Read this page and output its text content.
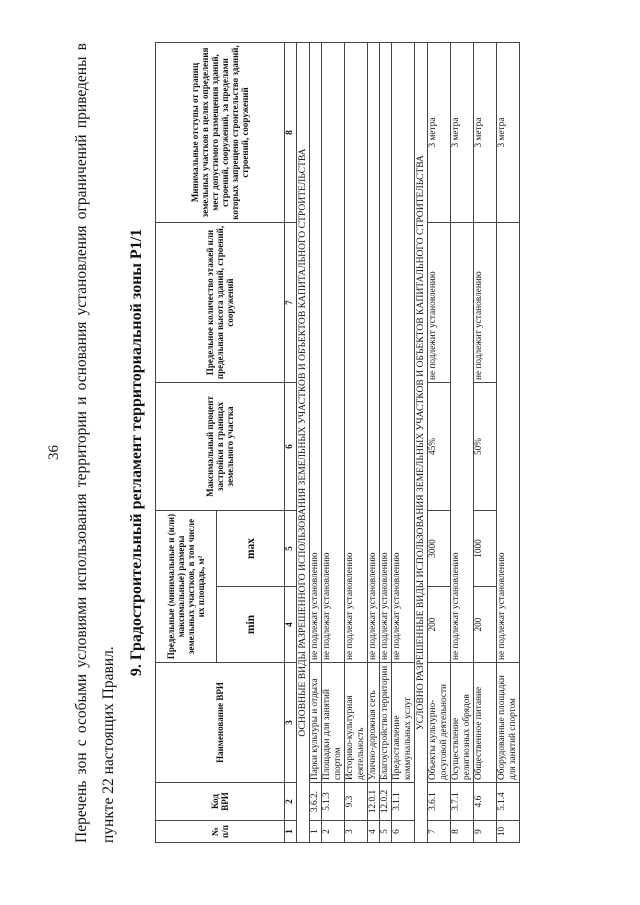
36 Перечень зон с особыми условиями использования территории и основания установления ограничений приведены в пункте 22 настоящих Правил.
9. Градостроительный регламент территориальной зоны Р1/1
№ п/п	Код ВРИ	Наименование ВРИ	Предельные (минимальные и (или) максимальные) размеры земельных участков, в том числе их площадь, м²		Максимальный процент застройки в границах земельного участка	Предельное количество этажей или предельная высота зданий, строений, сооружений	Минимальные отступы от границ земельных участков в целях определения мест допустимого размещения зданий, строений, сооружений, за пределами которых запрещено строительство зданий, строений, сооружений
			min	max			
1	2	3	4	5	6	7	8
ОСНОВНЫЕ ВИДЫ РАЗРЕШЕННОГО ИСПОЛЬЗОВАНИЯ ЗЕМЕЛЬНЫХ УЧАСТКОВ И ОБЪЕКТОВ КАПИТАЛЬНОГО СТРОИТЕЛЬСТВА							
1	3.6.2.	Парки культуры и отдыха	не подлежат установлению				
2	5.1.3	Площадки для занятий спортом	не подлежат установлению				
3	9.3	Историко-культурная деятельность	не подлежат установлению				
4	12.0.1	Улично-дорожная сеть	не подлежат установлению				
5	12.0.2	Благоустройство территории	не подлежат установлению				
6	3.1.1	Предоставление коммунальных услуг	не подлежат установлению				
УСЛОВНО РАЗРЕШЕННЫЕ ВИДЫ ИСПОЛЬЗОВАНИЯ ЗЕМЕЛЬНЫХ УЧАСТКОВ И ОБЪЕКТОВ КАПИТАЛЬНОГО СТРОИТЕЛЬСТВА							
7	3.6.1	Объекты культурно-досуговой деятельности	200	3000	45%	не подлежит установлению	3 метра
8	3.7.1	Осуществление религиозных обрядов	не подлежат установлению				3 метра
9	4.6	Общественное питание	200	1000	50%	не подлежит установлению	3 метра
10	5.1.4	Оборудованные площадки для занятий спортом	не подлежат установлению				3 метра
